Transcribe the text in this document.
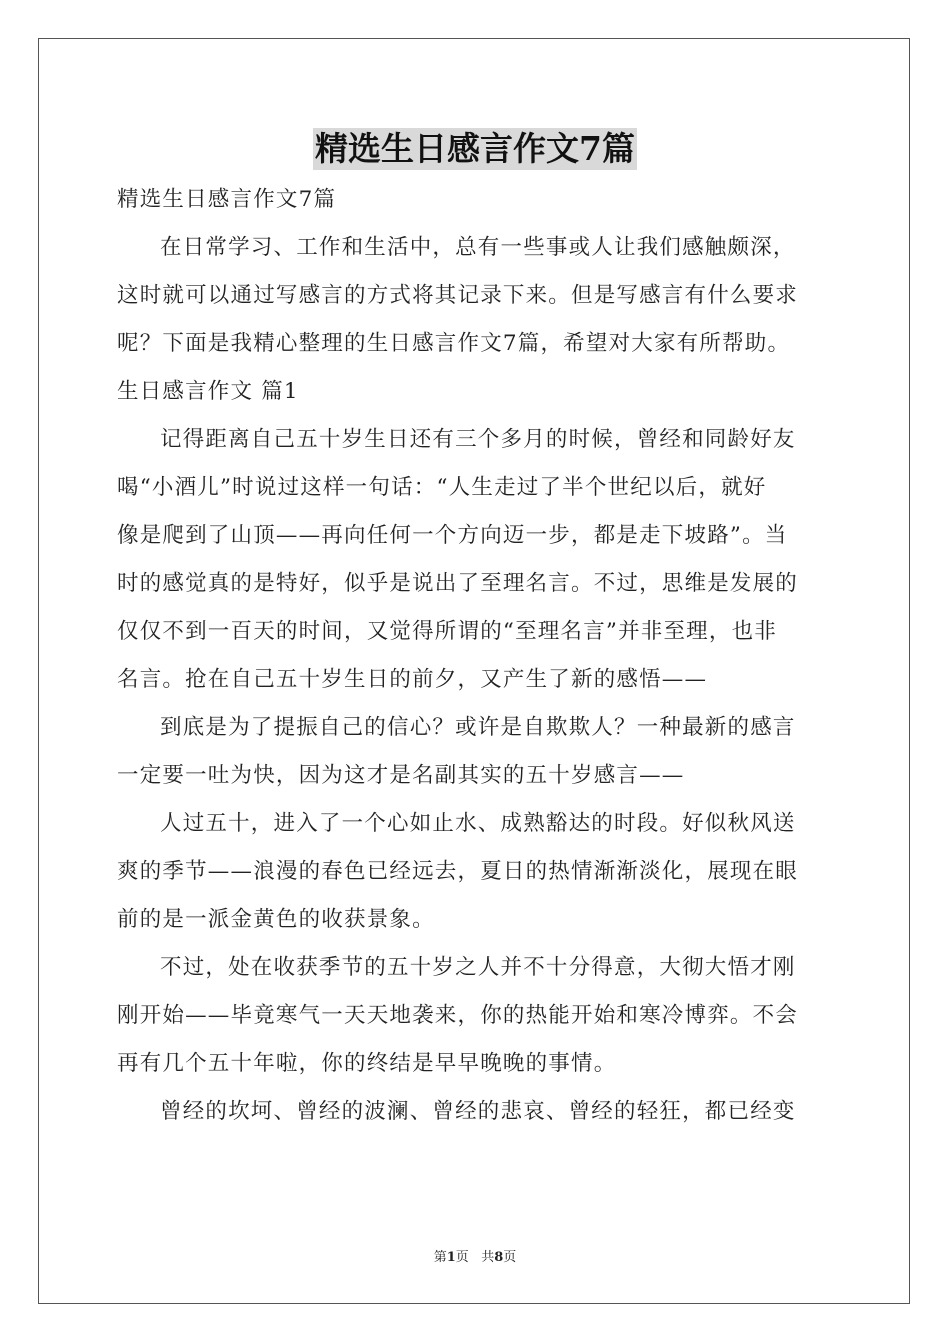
精选生日感言作文7篇

精选生日感言作文7篇

在日常学习、工作和生活中，总有一些事或人让我们感触颇深，

这时就可以通过写感言的方式将其记录下来。但是写感言有什么要求

呢？下面是我精心整理的生日感言作文7篇，希望对大家有所帮助。

生日感言作文 篇1

记得距离自己五十岁生日还有三个多月的时候，曾经和同龄好友

喝“小酒儿”时说过这样一句话：“人生走过了半个世纪以后，就好

像是爬到了山顶——再向任何一个方向迈一步，都是走下坡路”。当

时的感觉真的是特好，似乎是说出了至理名言。不过，思维是发展的

仅仅不到一百天的时间，又觉得所谓的“至理名言”并非至理，也非

名言。抢在自己五十岁生日的前夕，又产生了新的感悟——

到底是为了提振自己的信心？或许是自欺欺人？一种最新的感言

一定要一吐为快，因为这才是名副其实的五十岁感言——

人过五十，进入了一个心如止水、成熟豁达的时段。好似秋风送

爽的季节——浪漫的春色已经远去，夏日的热情渐渐淡化，展现在眼

前的是一派金黄色的收获景象。

不过，处在收获季节的五十岁之人并不十分得意，大彻大悟才刚

刚开始——毕竟寒气一天天地袭来，你的热能开始和寒冷博弈。不会

再有几个五十年啦，你的终结是早早晚晚的事情。

曾经的坎坷、曾经的波澜、曾经的悲哀、曾经的轻狂，都已经变

第1页 共8页
